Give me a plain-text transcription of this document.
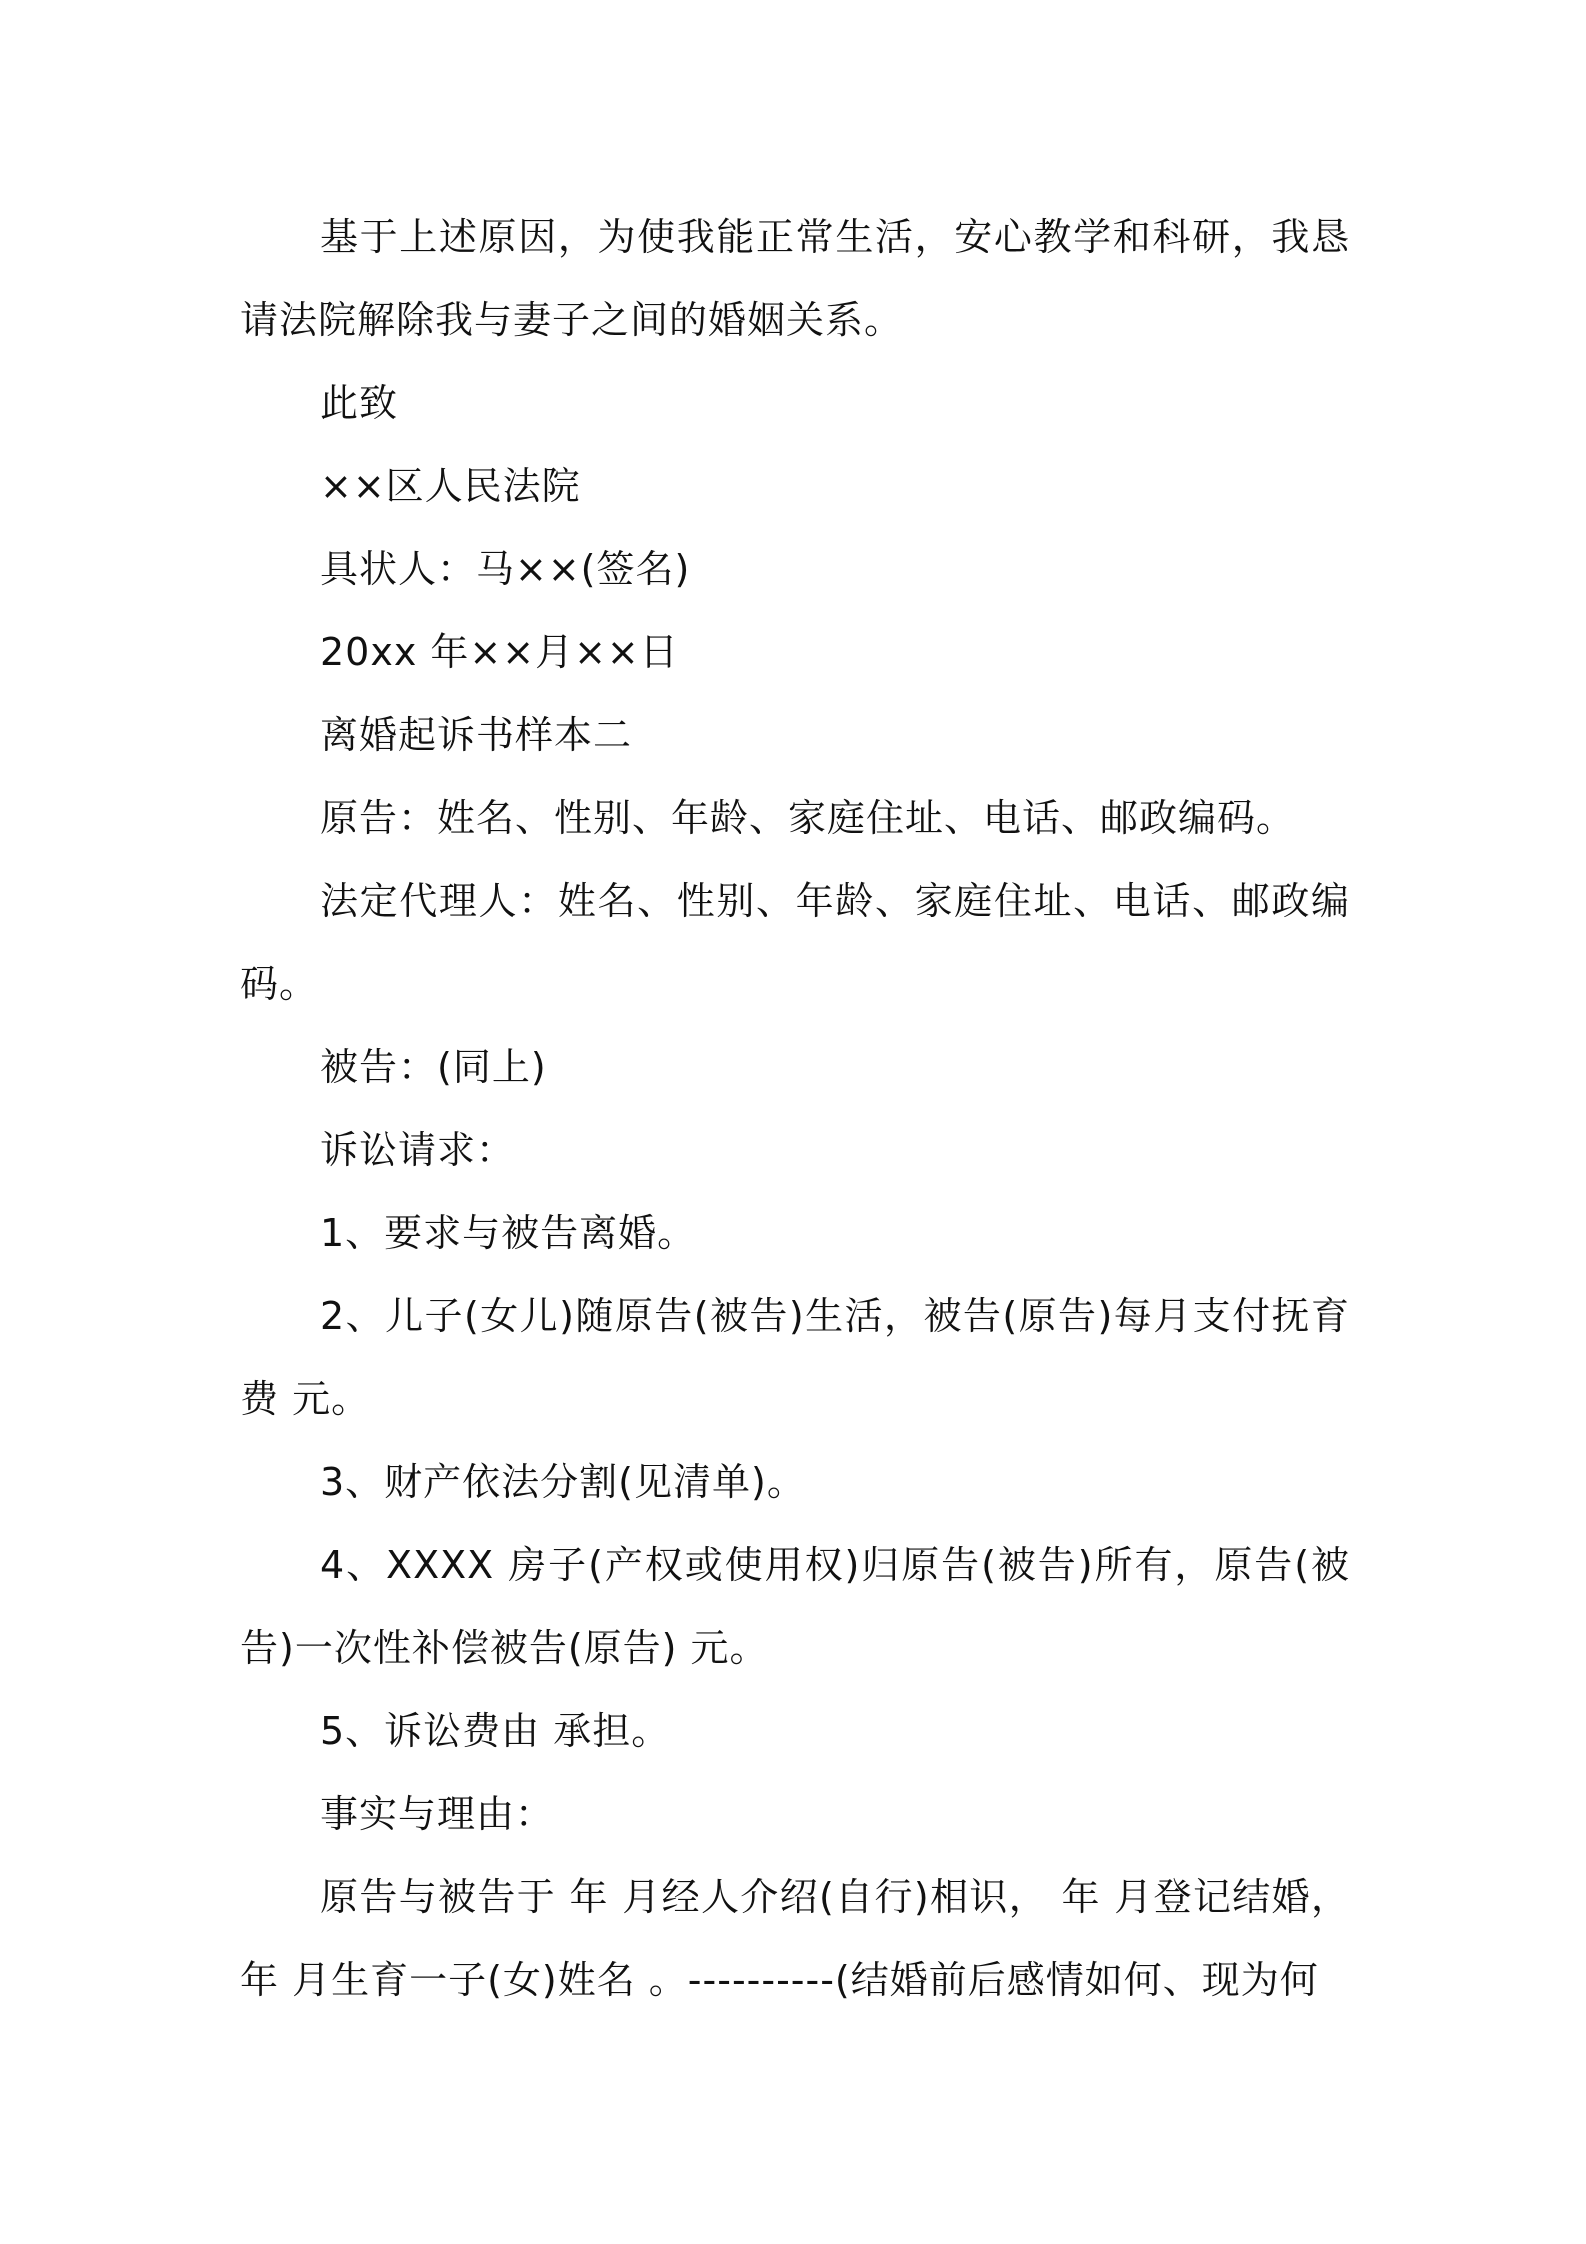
基于上述原因，为使我能正常生活，安心教学和科研，我恳请法院解除我与妻子之间的婚姻关系。

此致

××区人民法院

具状人：马××(签名)

20xx 年××月××日

离婚起诉书样本二

原告：姓名、性别、年龄、家庭住址、电话、邮政编码。

法定代理人：姓名、性别、年龄、家庭住址、电话、邮政编码。

被告：(同上)

诉讼请求：

1、要求与被告离婚。

2、儿子(女儿)随原告(被告)生活，被告(原告)每月支付抚育费 元。

3、财产依法分割(见清单)。

4、XXXX 房子(产权或使用权)归原告(被告)所有，原告(被告)一次性补偿被告(原告) 元。

5、诉讼费由 承担。

事实与理由：

原告与被告于 年 月经人介绍(自行)相识， 年 月登记结婚， 年 月生育一子(女)姓名 。----------(结婚前后感情如何、现为何
